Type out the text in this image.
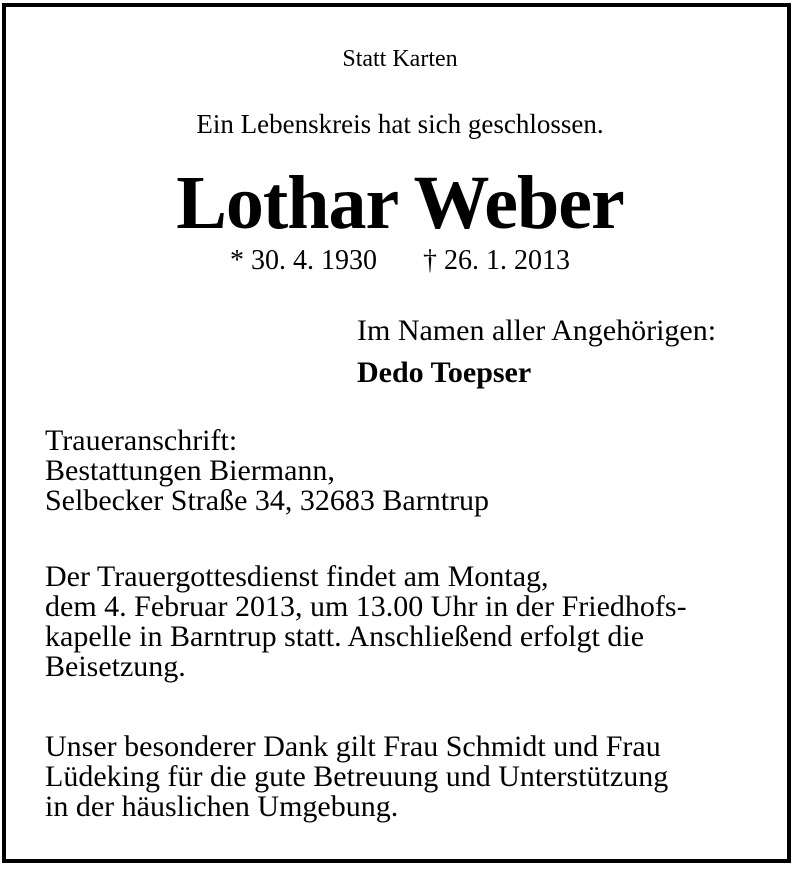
Statt Karten
Ein Lebenskreis hat sich geschlossen.
Lothar Weber
* 30. 4. 1930 † 26. 1. 2013
Im Namen aller Angehörigen:
Dedo Toepser
Traueranschrift:
Bestattungen Biermann,
Selbecker Straße 34, 32683 Barntrup
Der Trauergottesdienst findet am Montag,
dem 4. Februar 2013, um 13.00 Uhr in der Friedhofs-
kapelle in Barntrup statt. Anschließend erfolgt die
Beisetzung.
Unser besonderer Dank gilt Frau Schmidt und Frau
Lüdeking für die gute Betreuung und Unterstützung
in der häuslichen Umgebung.
